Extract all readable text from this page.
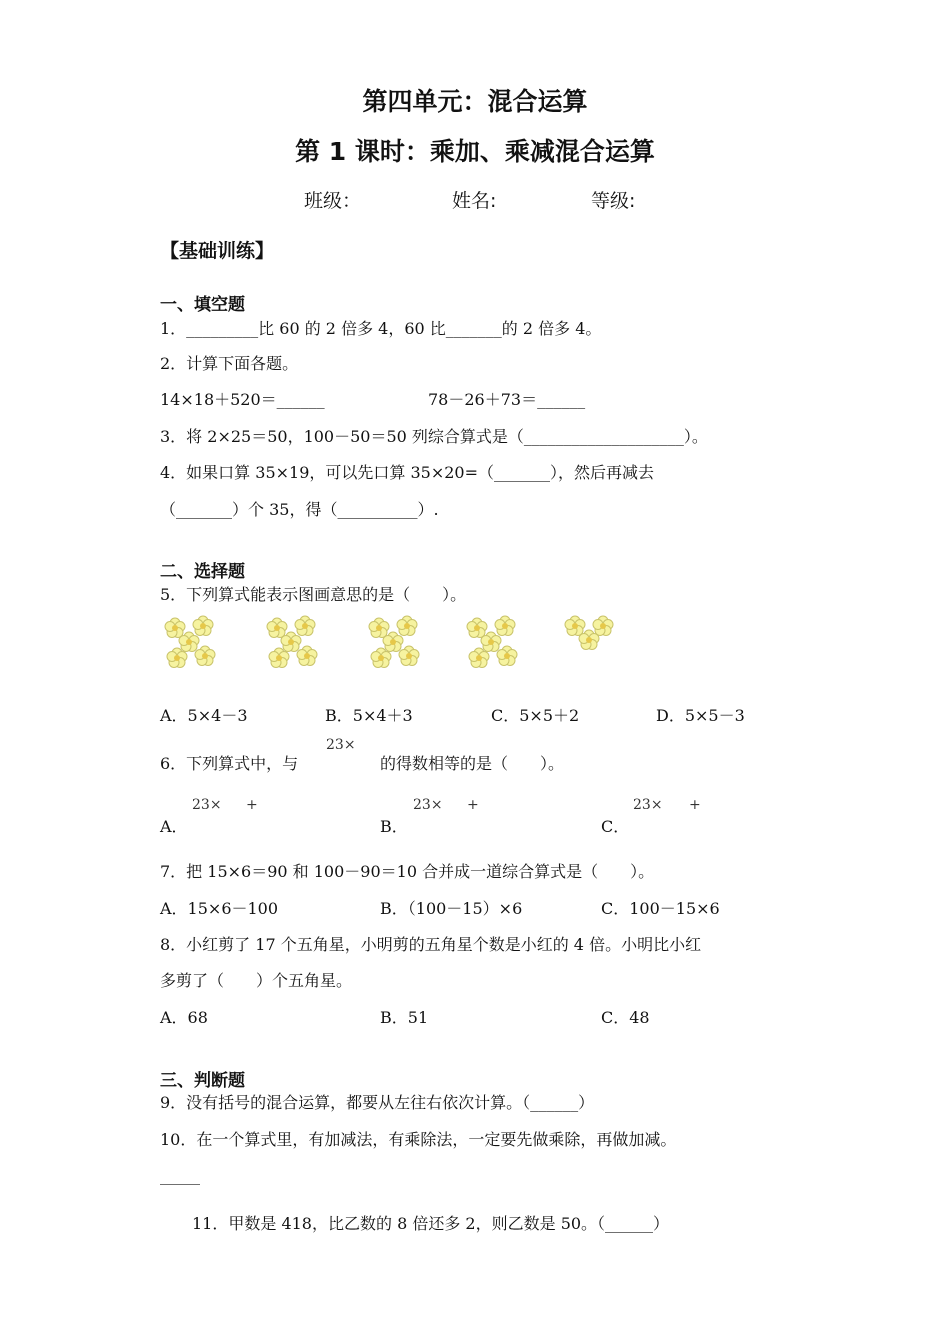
第四单元：混合运算
第 1 课时：乘加、乘减混合运算
班级：	姓名:	等级:
【基础训练】
一、填空题
1．_________比 60 的 2 倍多 4，60 比_______的 2 倍多 4。
2．计算下面各题。
14×18＋520＝______	78－26＋73＝______
3．将 2×25＝50，100－50＝50 列综合算式是（____________________）。
4．如果口算 35×19，可以先口算 35×20=（_______），然后再减去
（_______）个 35，得（__________）.
二、选择题
5．下列算式能表示图画意思的是（　　）。
A．5×4－3	B．5×4＋3	C．5×5＋2	D．5×5－3
6．下列算式中，与
23×
的得数相等的是（　　）。
A．
23× +
B．
23× +
C．
23× +
7．把 15×6＝90 和 100－90＝10 合并成一道综合算式是（　　）。
A．15×6－100	B．（100－15）×6	C．100－15×6
8．小红剪了 17 个五角星，小明剪的五角星个数是小红的 4 倍。小明比小红
多剪了（　　）个五角星。
A．68	B．51	C．48
三、判断题
9．没有括号的混合运算，都要从左往右依次计算。（______）
10．在一个算式里，有加减法，有乘除法，一定要先做乘除，再做加减。
_____
11．甲数是 418，比乙数的 8 倍还多 2，则乙数是 50。（______）
